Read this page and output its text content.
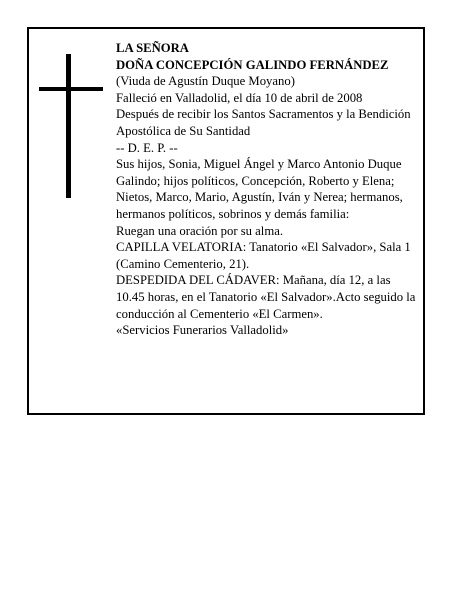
LA SEÑORA

DOÑA CONCEPCIÓN GALINDO FERNÁNDEZ

(Viuda de Agustín Duque Moyano)

Falleció en Valladolid, el día 10 de abril de 2008

Después de recibir los Santos Sacramentos y la Bendición Apostólica de Su Santidad

-- D. E. P. --

Sus hijos, Sonia, Miguel Ángel y Marco Antonio Duque Galindo; hijos políticos, Concepción, Roberto y Elena; Nietos, Marco, Mario, Agustín, Iván y Nerea; hermanos, hermanos políticos, sobrinos y demás familia:

Ruegan una oración por su alma.

CAPILLA VELATORIA: Tanatorio «El Salvador», Sala 1 (Camino Cementerio, 21).

DESPEDIDA DEL CÁDAVER: Mañana, día 12, a las 10.45 horas, en el Tanatorio «El Salvador».Acto seguido la conducción al Cementerio «El Carmen».

«Servicios Funerarios Valladolid»
